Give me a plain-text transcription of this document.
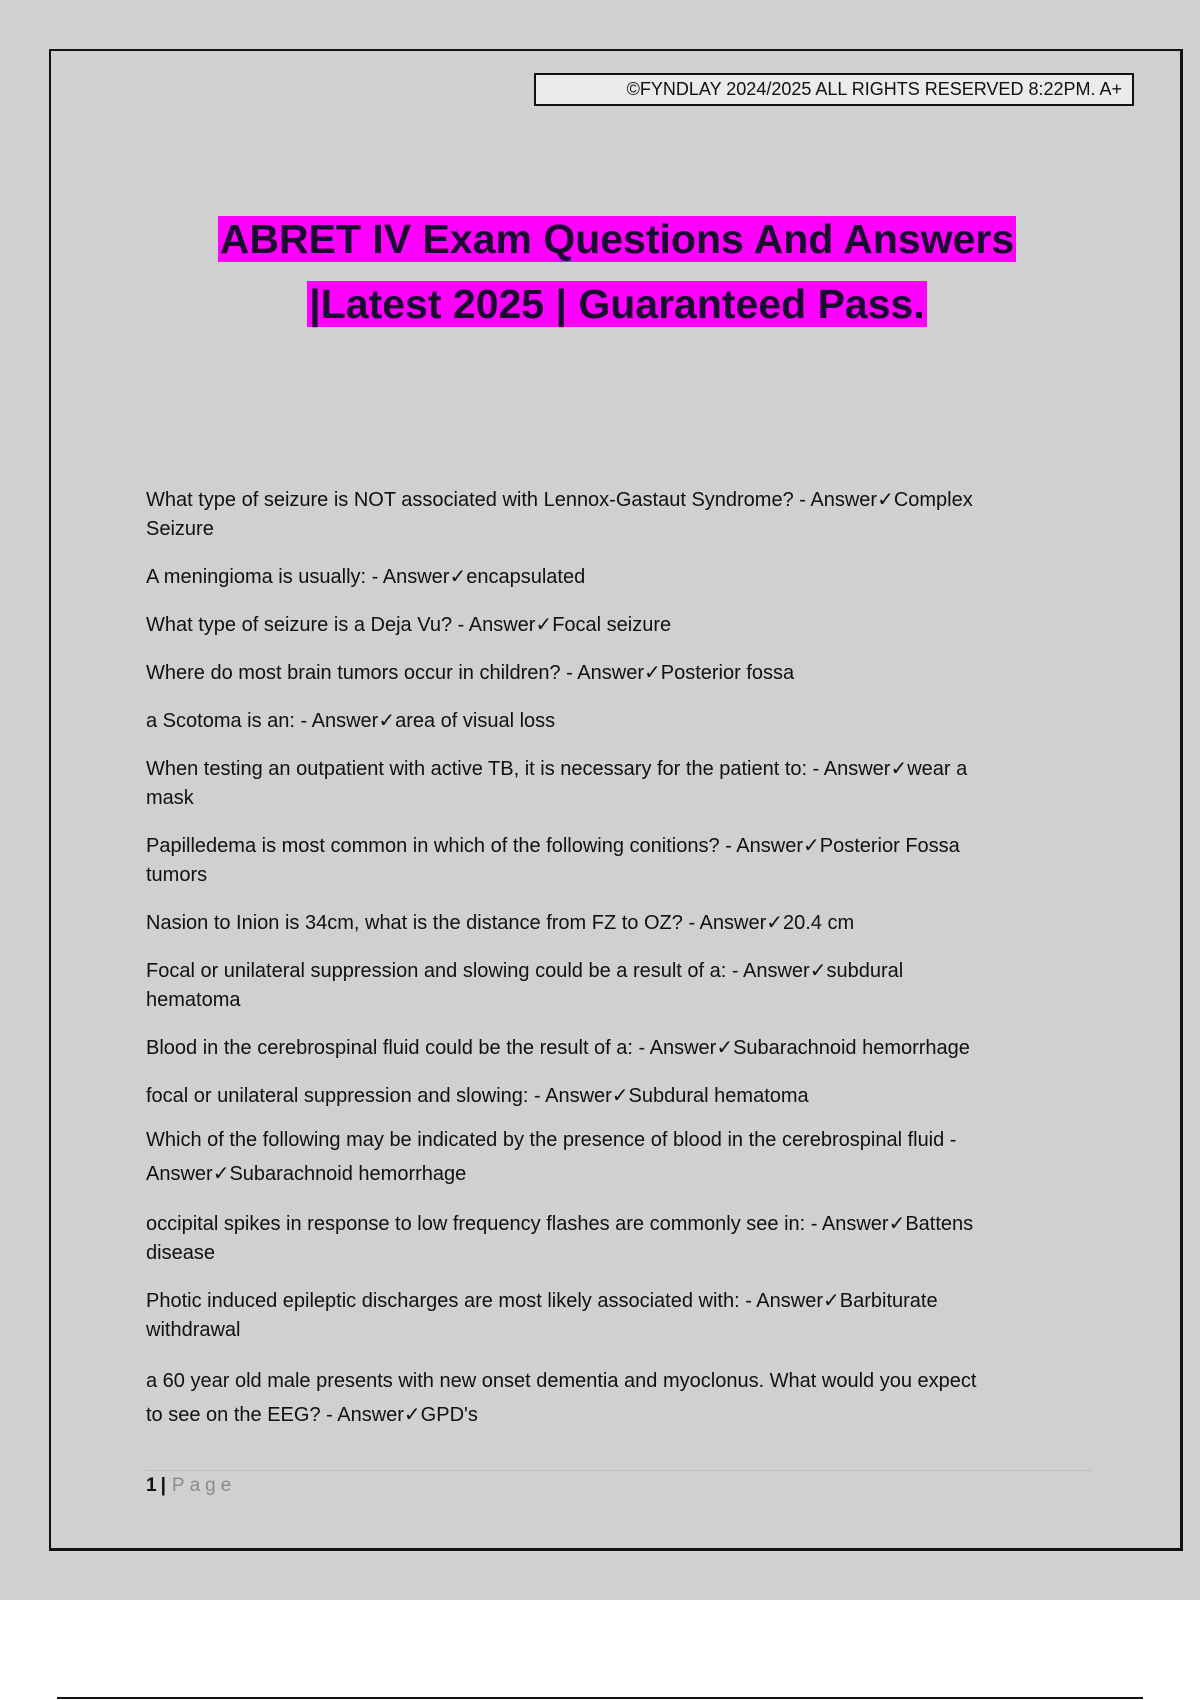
©FYNDLAY 2024/2025 ALL RIGHTS RESERVED 8:22PM. A+
ABRET IV Exam Questions And Answers
|Latest 2025 | Guaranteed Pass.
What type of seizure is NOT associated with Lennox-Gastaut Syndrome? - Answer✓Complex
Seizure
A meningioma is usually: - Answer✓encapsulated
What type of seizure is a Deja Vu? - Answer✓Focal seizure
Where do most brain tumors occur in children? - Answer✓Posterior fossa
a Scotoma is an: - Answer✓area of visual loss
When testing an outpatient with active TB, it is necessary for the patient to: - Answer✓wear a
mask
Papilledema is most common in which of the following conitions? - Answer✓Posterior Fossa
tumors
Nasion to Inion is 34cm, what is the distance from FZ to OZ? - Answer✓20.4 cm
Focal or unilateral suppression and slowing could be a result of a: - Answer✓subdural
hematoma
Blood in the cerebrospinal fluid could be the result of a: - Answer✓Subarachnoid hemorrhage
focal or unilateral suppression and slowing: - Answer✓Subdural hematoma
Which of the following may be indicated by the presence of blood in the cerebrospinal fluid -
Answer✓Subarachnoid hemorrhage
occipital spikes in response to low frequency flashes are commonly see in: - Answer✓Battens
disease
Photic induced epileptic discharges are most likely associated with: - Answer✓Barbiturate
withdrawal
a 60 year old male presents with new onset dementia and myoclonus. What would you expect
to see on the EEG? - Answer✓GPD's
1 | Page
